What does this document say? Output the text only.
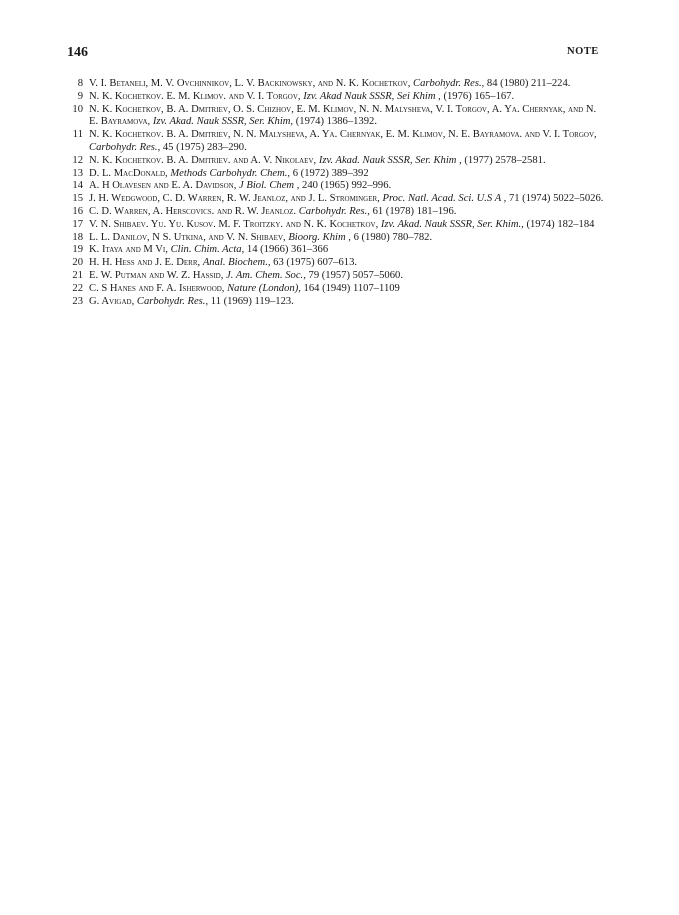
146	NOTE
8 V. I. Betaneli, M. V. Ovchinnikov, L. V. Backinowsky, and N. K. Kochetkov, Carbohydr. Res., 84 (1980) 211–224.
9 N. K. Kochetkov. E. M. Klimov. and V. I. Torgov, Izv. Akad Nauk SSSR, Sei Khim , (1976) 165–167.
10 N. K. Kochetkov, B. A. Dmitriev, O. S. Chizhov, E. M. Klimov, N. N. Malysheva, V. I. Torgov, A. Ya. Chernyak, and N. E. Bayramova, Izv. Akad. Nauk SSSR, Ser. Khim, (1974) 1386–1392.
11 N. K. Kochetkov. B. A. Dmitriev, N. N. Malysheva, A. Ya. Chernyak, E. M. Klimov, N. E. Bayramova. and V. I. Torgov, Carbohydr. Res., 45 (1975) 283–290.
12 N. K. Kochetkov. B. A. Dmitriev. and A. V. Nikolaev, Izv. Akad. Nauk SSSR, Ser. Khim , (1977) 2578–2581.
13 D. L. MacDonald, Methods Carbohydr. Chem., 6 (1972) 389–392
14 A. H Olavesen and E. A. Davidson, J Biol. Chem , 240 (1965) 992–996.
15 J. H. Wedgwood, C. D. Warren, R. W. Jeanloz, and J. L. Strominger, Proc. Natl. Acad. Sci. U.S A , 71 (1974) 5022–5026.
16 C. D. Warren, A. Herscovics. and R. W. Jeanloz. Carbohydr. Res., 61 (1978) 181–196.
17 V. N. Shibaev. Yu. Yu. Kusov. M. F. Troitzky. and N. K. Kochetkov, Izv. Akad. Nauk SSSR, Ser. Khim., (1974) 182–184
18 L. L. Danilov, N S. Utkina, and V. N. Shibaev, Bioorg. Khim , 6 (1980) 780–782.
19 K. Itaya and M Vi, Clin. Chim. Acta, 14 (1966) 361–366
20 H. H. Hess and J. E. Derr, Anal. Biochem., 63 (1975) 607–613.
21 E. W. Putman and W. Z. Hassid, J. Am. Chem. Soc., 79 (1957) 5057–5060.
22 C. S Hanes and F. A. Isherwood, Nature (London), 164 (1949) 1107–1109
23 G. Avigad, Carbohydr. Res., 11 (1969) 119–123.
